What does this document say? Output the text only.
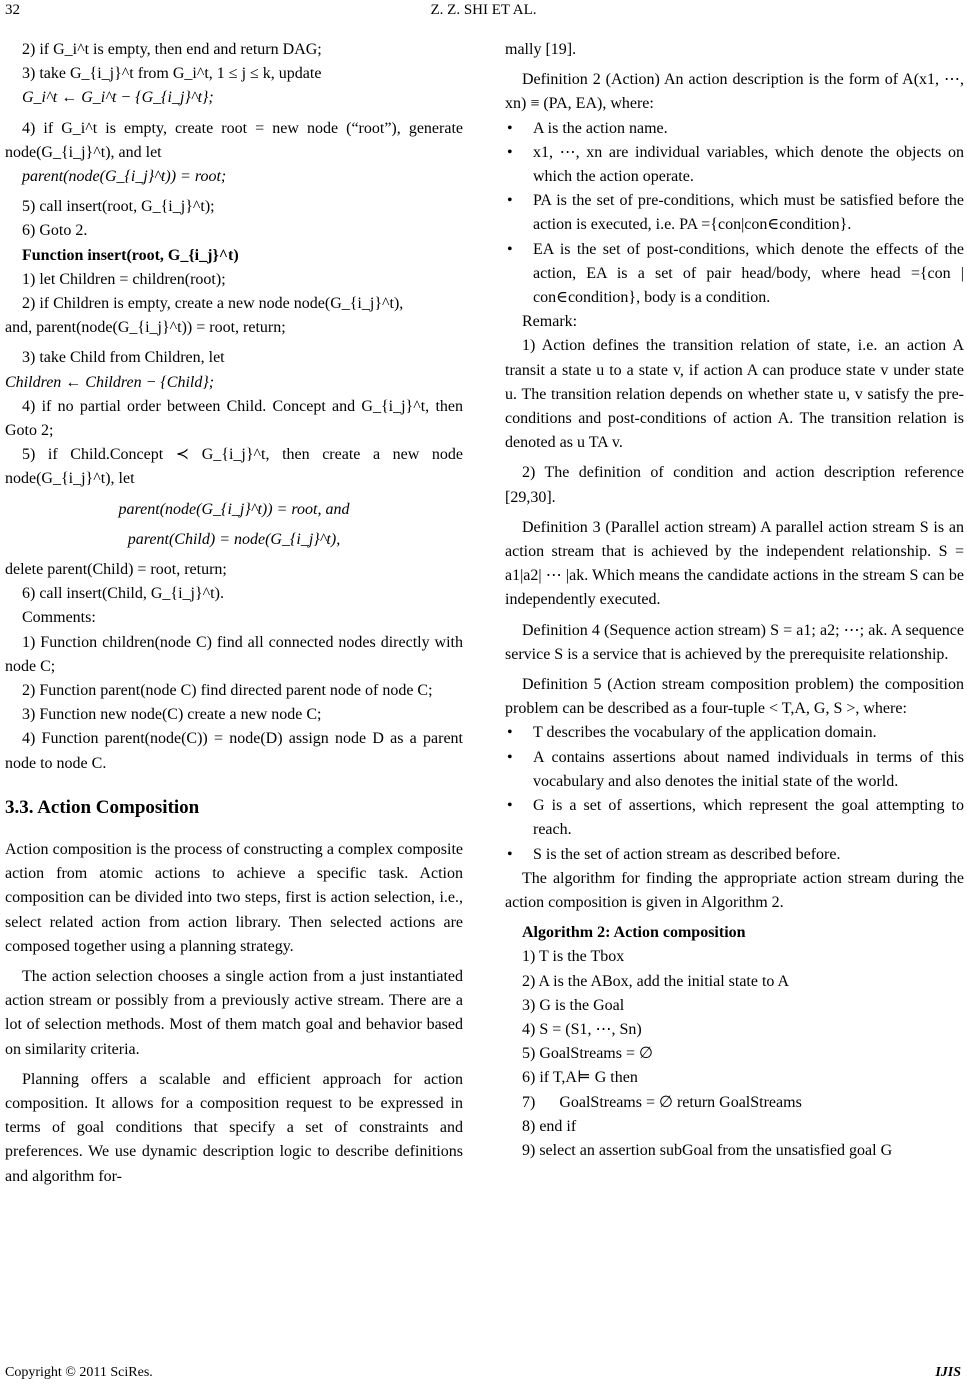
32	Z. Z. SHI ET AL.

2) if G_i^t is empty, then end and return DAG;

3) take G_{i_j}^t from G_i^t, 1 ≤ j ≤ k, update

G_i^t ← G_i^t − {G_{i_j}^t};

4) if G_i^t is empty, create root = new node (“root”), generate node(G_{i_j}^t), and let

parent(node(G_{i_j}^t)) = root;

5) call insert(root, G_{i_j}^t);

6) Goto 2.

Function insert(root, G_{i_j}^t)

1) let Children = children(root);

2) if Children is empty, create a new node node(G_{i_j}^t),

and, parent(node(G_{i_j}^t)) = root, return;

3) take Child from Children, let

Children ← Children − {Child};

4) if no partial order between Child. Concept and G_{i_j}^t, then Goto 2;

5) if Child.Concept ≺ G_{i_j}^t, then create a new node node(G_{i_j}^t), let

parent(node(G_{i_j}^t)) = root, and

parent(Child) = node(G_{i_j}^t),

delete parent(Child) = root, return;

6) call insert(Child, G_{i_j}^t).

Comments:

1) Function children(node C) find all connected nodes directly with node C;

2) Function parent(node C) find directed parent node of node C;

3) Function new node(C) create a new node C;

4) Function parent(node(C)) = node(D) assign node D as a parent node to node C.

3.3. Action Composition

Action composition is the process of constructing a complex composite action from atomic actions to achieve a specific task. Action composition can be divided into two steps, first is action selection, i.e., select related action from action library. Then selected actions are composed together using a planning strategy.

The action selection chooses a single action from a just instantiated action stream or possibly from a previously active stream. There are a lot of selection methods. Most of them match goal and behavior based on similarity criteria.

Planning offers a scalable and efficient approach for action composition. It allows for a composition request to be expressed in terms of goal conditions that specify a set of constraints and preferences. We use dynamic description logic to describe definitions and algorithm for-

mally [19].

Definition 2 (Action) An action description is the form of A(x1, ⋯, xn) ≡ (PA, EA), where:

• A is the action name.
• x1, ⋯, xn are individual variables, which denote the objects on which the action operate.
• PA is the set of pre-conditions, which must be satisfied before the action is executed, i.e. PA ={con|con∈condition}.
• EA is the set of post-conditions, which denote the effects of the action, EA is a set of pair head/body, where head ={con | con∈condition}, body is a condition.

Remark:

1) Action defines the transition relation of state, i.e. an action A transit a state u to a state v, if action A can produce state v under state u. The transition relation depends on whether state u, v satisfy the pre-conditions and post-conditions of action A. The transition relation is denoted as u TA v.

2) The definition of condition and action description reference [29,30].

Definition 3 (Parallel action stream) A parallel action stream S is an action stream that is achieved by the independent relationship. S = a1|a2| ⋯ |ak. Which means the candidate actions in the stream S can be independently executed.

Definition 4 (Sequence action stream) S = a1; a2; ⋯; ak. A sequence service S is a service that is achieved by the prerequisite relationship.

Definition 5 (Action stream composition problem) the composition problem can be described as a four-tuple < T,A, G, S >, where:

• T describes the vocabulary of the application domain.
• A contains assertions about named individuals in terms of this vocabulary and also denotes the initial state of the world.
• G is a set of assertions, which represent the goal attempting to reach.
• S is the set of action stream as described before.

The algorithm for finding the appropriate action stream during the action composition is given in Algorithm 2.

Algorithm 2: Action composition

1) T is the Tbox

2) A is the ABox, add the initial state to A

3) G is the Goal

4) S = (S1, ⋯, Sn)

5) GoalStreams = ∅

6) if T,A⊨ G then

7)      GoalStreams = ∅ return GoalStreams

8) end if

9) select an assertion subGoal from the unsatisfied goal G

Copyright © 2011 SciRes.	IJIS
